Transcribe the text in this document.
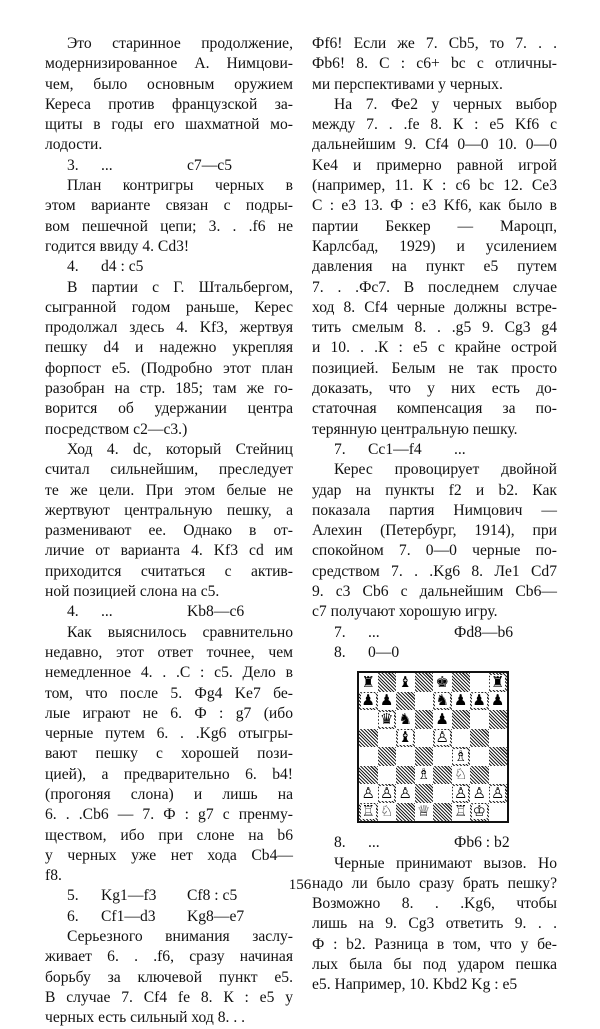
Это старинное продолжение,
модернизированное А. Нимцови-
чем, было основным оружием
Кереса против французской за-
щиты в годы его шахматной мо-
лодости.
3.	...	c7—c5
План контригры черных в
этом варианте связан с подры-
вом пешечной цепи; 3. . .f6 не
годится ввиду 4. Cd3!
4.	d4 : c5
В партии с Г. Штальбергом,
сыгранной годом раньше, Керес
продолжал здесь 4. Kf3, жертвуя
пешку d4 и надежно укрепляя
форпост e5. (Подробно этот план
разобран на стр. 185; там же го-
ворится об удержании центра
посредством c2—c3.)
Ход 4. dc, который Стейниц
считал сильнейшим, преследует
те же цели. При этом белые не
жертвуют центральную пешку, а
разменивают ее. Однако в от-
личие от варианта 4. Kf3 cd им
приходится считаться с актив-
ной позицией слона на c5.
4.	...	Kb8—c6
Как выяснилось сравнительно
недавно, этот ответ точнее, чем
немедленное 4. . .C : c5. Дело в
том, что после 5. Фg4 Ke7 бе-
лые играют не 6. Ф : g7 (ибо
черные путем 6. . .Kg6 отыгры-
вают пешку с хорошей пози-
цией), а предварительно 6. b4!
(прогоняя слона) и лишь на
6. . .Cb6 — 7. Ф : g7 с пренму-
ществом, ибо при слоне на b6
у черных уже нет хода Cb4—
f8.
5.	Kg1—f3	Cf8 : c5
6.	Cf1—d3	Kg8—e7
Серьезного внимания заслу-
живает 6. . .f6, сразу начиная
борьбу за ключевой пункт e5.
В случае 7. Cf4 fe 8. К : e5 у
черных есть сильный ход 8. . .
Фf6! Если же 7. Cb5, то 7. . .
Фb6! 8. C : c6+ bc с отличны-
ми перспективами у черных.
На 7. Фe2 у черных выбор
между 7. . .fe 8. К : e5 Kf6 с
дальнейшим 9. Cf4 0—0 10. 0—0
Ke4 и примерно равной игрой
(например, 11. К : c6 bc 12. Ce3
C : e3 13. Ф : e3 Kf6, как было в
партии Беккер — Мароцп,
Карлсбад, 1929) и усилением
давления на пункт e5 путем
7. . .Фc7. В последнем случае
ход 8. Cf4 черные должны встре-
тить смелым 8. . .g5 9. Cg3 g4
и 10. . .К : e5 с крайне острой
позицией. Белым не так просто
доказать, что у них есть до-
статочная компенсация за по-
терянную центральную пешку.
7.	Cc1—f4	...
Керес провоцирует двойной
удар на пункты f2 и b2. Как
показала партия Нимцович —
Алехин (Петербург, 1914), при
спокойном 7. 0—0 черные по-
средством 7. . .Kg6 8. Лe1 Cd7
9. c3 Cb6 с дальнейшим Cb6—
c7 получают хорошую игру.
7.	...	Фd8—b6
8.	0—0
♜ ♝ ♚	♜
♟ ♟	♞ ♟ ♟ ♟
♛ ♞ ♟
♝ ♙
♗
♗ ♘
♙ ♙ ♙	♙ ♙ ♙
♖ ♘ ♕ ♖ ♔
8.	...	Фb6 : b2
Черные принимают вызов. Но
надо ли было сразу брать пешку?
Возможно 8. . .Kg6, чтобы
лишь на 9. Cg3 ответить 9. . .
Ф : b2. Разница в том, что у бе-
лых была бы под ударом пешка
e5. Например, 10. Kbd2 Kg : e5
156
